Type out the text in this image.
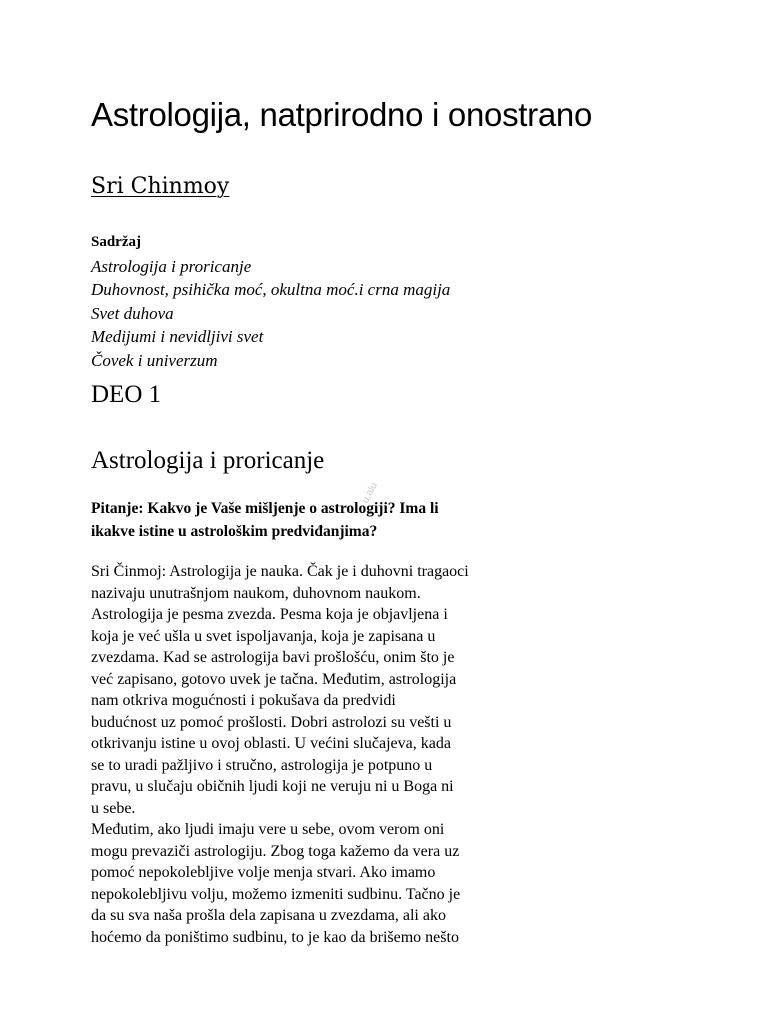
Astrologija, natprirodno i onostrano
Sri Chinmoy
Sadržaj
Astrologija i proricanje
Duhovnost, psihička moć, okultna moć.i crna magija
Svet duhova
Medijumi i nevidljivi svet
Čovek i univerzum
DEO 1
Astrologija i proricanje
Pitanje: Kakvo je Vaše mišljenje o astrologiji? Ima li
ikakve istine u astrološkim predviđanjima?
Sri Činmoj: Astrologija je nauka. Čak je i duhovni tragaoci
nazivaju unutrašnjom naukom, duhovnom naukom.
Astrologija je pesma zvezda. Pesma koja je objavljena i
koja je već ušla u svet ispoljavanja, koja je zapisana u
zvezdama. Kad se astrologija bavi prošlošću, onim što je
već zapisano, gotovo uvek je tačna. Međutim, astrologija
nam otkriva mogućnosti i pokušava da predvidi
budućnost uz pomoć prošlosti. Dobri astrolozi su vešti u
otkrivanju istine u ovoj oblasti. U većini slučajeva, kada
se to uradi pažljivo i stručno, astrologija je potpuno u
pravu, u slučaju običnih ljudi koji ne veruju ni u Boga ni
u sebe.
Međutim, ako ljudi imaju vere u sebe, ovom verom oni
mogu prevaziči astrologiju. Zbog toga kažemo da vera uz
pomoć nepokolebljive volje menja stvari. Ako imamo
nepokolebljivu volju, možemo izmeniti sudbinu. Tačno je
da su sva naša prošla dela zapisana u zvezdama, ali ako
hoćemo da poništimo sudbinu, to je kao da brišemo nešto
u.alu
